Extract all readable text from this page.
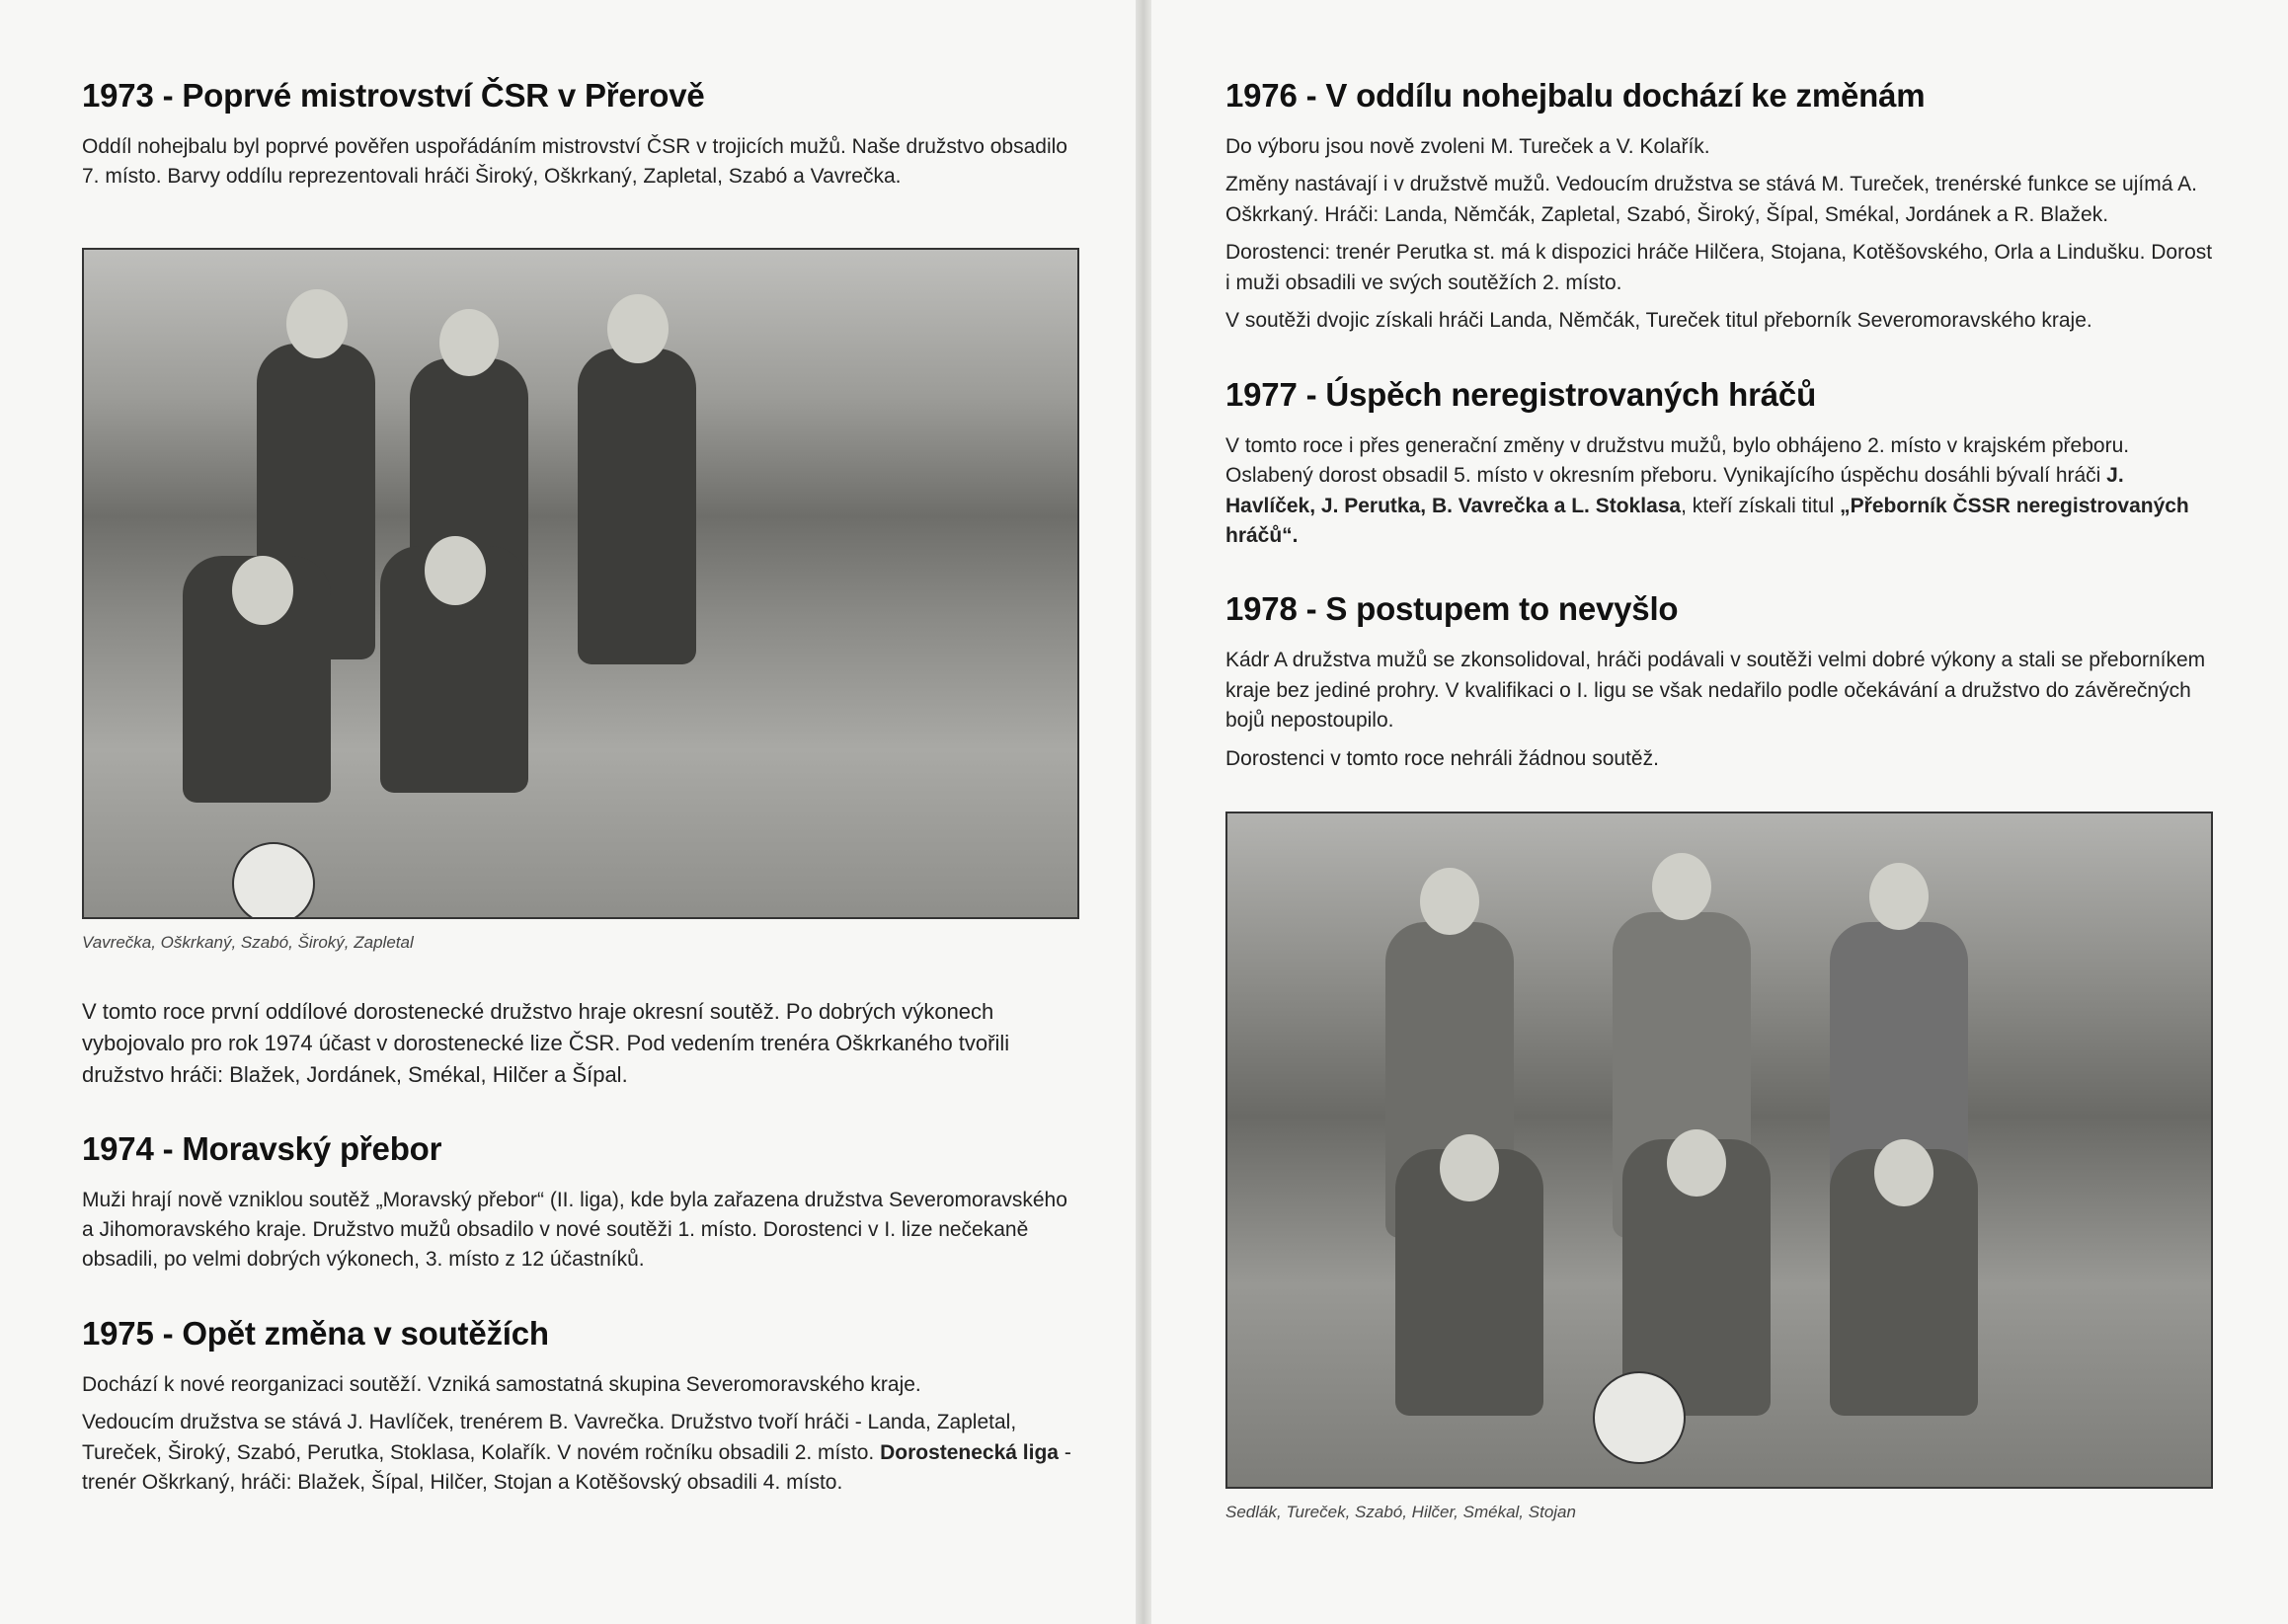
1973 - Poprvé mistrovství ČSR v Přerově

Oddíl nohejbalu byl poprvé pověřen uspořádáním mistrovství ČSR v trojicích mužů. Naše družstvo obsadilo 7. místo. Barvy oddílu reprezentovali hráči Široký, Oškrkaný, Zapletal, Szabó a Vavrečka.

Vavrečka, Oškrkaný, Szabó, Široký, Zapletal

V tomto roce první oddílové dorostenecké družstvo hraje okresní soutěž. Po dobrých výkonech vybojovalo pro rok 1974 účast v dorostenecké lize ČSR. Pod vedením trenéra Oškrkaného tvořili družstvo hráči: Blažek, Jordánek, Smékal, Hilčer a Šípal.

1974 - Moravský přebor

Muži hrají nově vzniklou soutěž „Moravský přebor“ (II. liga), kde byla zařazena družstva Severomoravského a Jihomoravského kraje. Družstvo mužů obsadilo v nové soutěži 1. místo. Dorostenci v I. lize nečekaně obsadili, po velmi dobrých výkonech, 3. místo z 12 účastníků.

1975 - Opět změna v soutěžích

Dochází k nové reorganizaci soutěží. Vzniká samostatná skupina Severomoravského kraje.

Vedoucím družstva se stává J. Havlíček, trenérem B. Vavrečka. Družstvo tvoří hráči - Landa, Zapletal, Tureček, Široký, Szabó, Perutka, Stoklasa, Kolařík. V novém ročníku obsadili 2. místo. Dorostenecká liga - trenér Oškrkaný, hráči: Blažek, Šípal, Hilčer, Stojan a Kotěšovský obsadili 4. místo.

1976 - V oddílu nohejbalu dochází ke změnám

Do výboru jsou nově zvoleni M. Tureček a V. Kolařík.

Změny nastávají i v družstvě mužů. Vedoucím družstva se stává M. Tureček, trenérské funkce se ujímá A. Oškrkaný. Hráči: Landa, Němčák, Zapletal, Szabó, Široký, Šípal, Smékal, Jordánek a R. Blažek.

Dorostenci: trenér Perutka st. má k dispozici hráče Hilčera, Stojana, Kotěšovského, Orla a Lindušku. Dorost i muži obsadili ve svých soutěžích 2. místo.

V soutěži dvojic získali hráči Landa, Němčák, Tureček titul přeborník Severomoravského kraje.

1977 - Úspěch neregistrovaných hráčů

V tomto roce i přes generační změny v družstvu mužů, bylo obhájeno 2. místo v krajském přeboru. Oslabený dorost obsadil 5. místo v okresním přeboru. Vynikajícího úspěchu dosáhli bývalí hráči J. Havlíček, J. Perutka, B. Vavrečka a L. Stoklasa, kteří získali titul „Přeborník ČSSR neregistrovaných hráčů“.

1978 - S postupem to nevyšlo

Kádr A družstva mužů se zkonsolidoval, hráči podávali v soutěži velmi dobré výkony a stali se přeborníkem kraje bez jediné prohry. V kvalifikaci o I. ligu se však nedařilo podle očekávání a družstvo do závěrečných bojů nepostoupilo.

Dorostenci v tomto roce nehráli žádnou soutěž.

Sedlák, Tureček, Szabó, Hilčer, Smékal, Stojan
